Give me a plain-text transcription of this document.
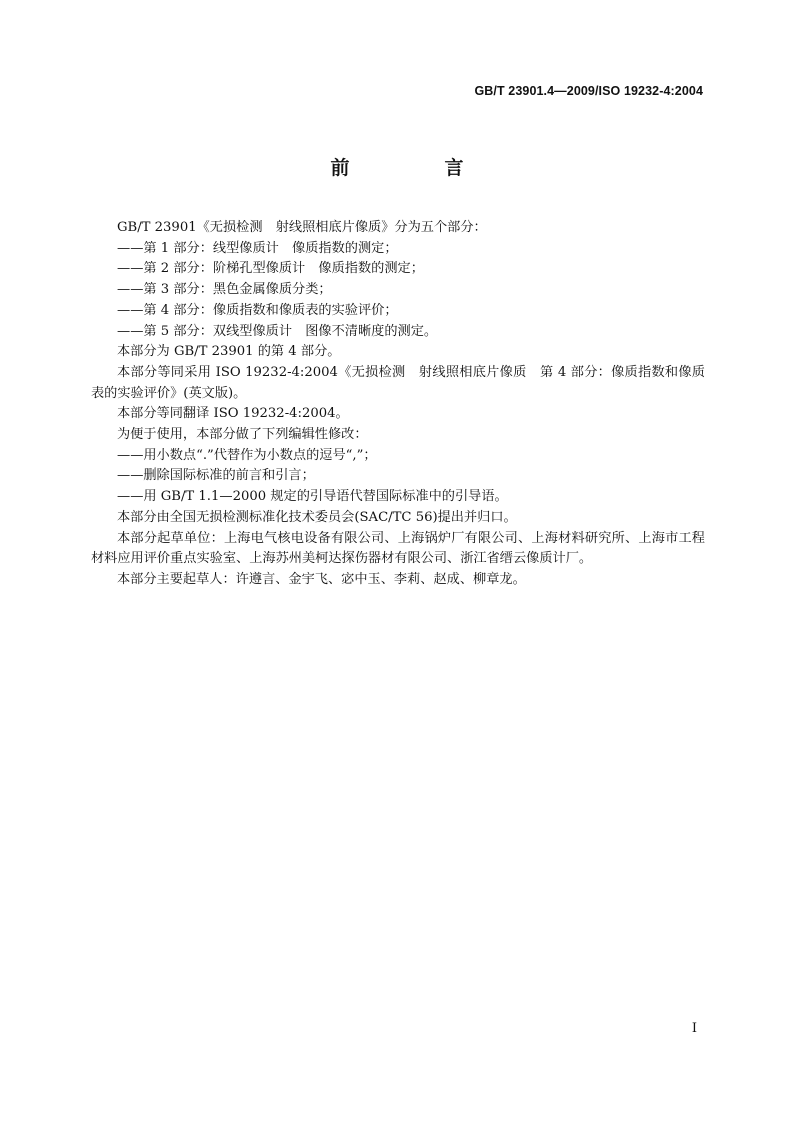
GB/T 23901.4—2009/ISO 19232-4:2004
前　言

GB/T 23901《无损检测　射线照相底片像质》分为五个部分：

——第 1 部分：线型像质计　像质指数的测定；

——第 2 部分：阶梯孔型像质计　像质指数的测定；

——第 3 部分：黑色金属像质分类；

——第 4 部分：像质指数和像质表的实验评价；

——第 5 部分：双线型像质计　图像不清晰度的测定。

本部分为 GB/T 23901 的第 4 部分。

本部分等同采用 ISO 19232-4:2004《无损检测　射线照相底片像质　第 4 部分：像质指数和像质表的实验评价》(英文版)。

本部分等同翻译 ISO 19232-4:2004。

为便于使用，本部分做了下列编辑性修改：

——用小数点“.”代替作为小数点的逗号“,”；

——删除国际标准的前言和引言；

——用 GB/T 1.1—2000 规定的引导语代替国际标准中的引导语。

本部分由全国无损检测标准化技术委员会(SAC/TC 56)提出并归口。

本部分起草单位：上海电气核电设备有限公司、上海锅炉厂有限公司、上海材料研究所、上海市工程材料应用评价重点实验室、上海苏州美柯达探伤器材有限公司、浙江省缙云像质计厂。

本部分主要起草人：许遵言、金宇飞、宓中玉、李莉、赵成、柳章龙。

I
